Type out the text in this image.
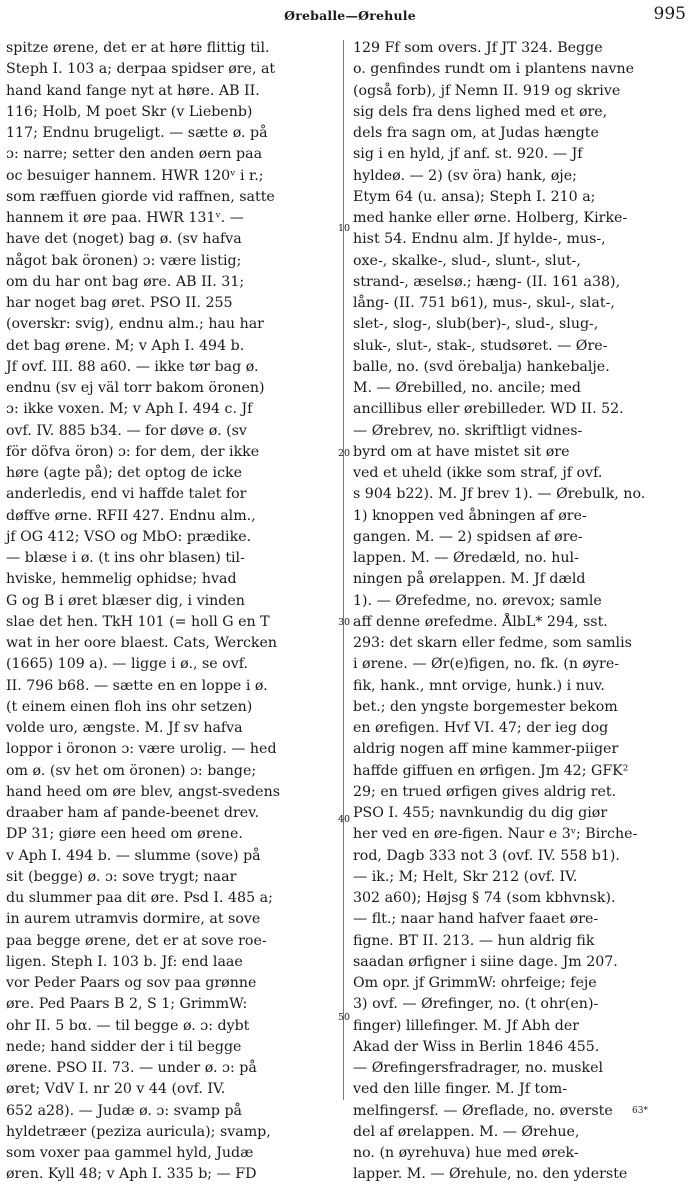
Øreballe—Ørehule	995
spitze ørene, det er at høre flittig til.
Steph I. 103 a; derpaa spidser øre, at
hand kand fange nyt at høre. AB II.
116; Holb, M poet Skr (v Liebenb)
117; Endnu brugeligt. — sætte ø. på
ɔ: narre; setter den anden øern paa
oc besuiger hannem. HWR 120ᵛ i r.;
som ræffuen giorde vid raffnen, satte
hannem it øre paa. HWR 131ᵛ. —
have det (noget) bag ø. (sv hafva
något bak öronen) ɔ: være listig;
om du har ont bag øre. AB II. 31;
har noget bag øret. PSO II. 255
(overskr: svig), endnu alm.; hau har
det bag ørene. M; v Aph I. 494 b.
Jf ovf. III. 88 a60. — ikke tør bag ø.
endnu (sv ej väl torr bakom öronen)
ɔ: ikke voxen. M; v Aph I. 494 c. Jf
ovf. IV. 885 b34. — for døve ø. (sv
för döfva öron) ɔ: for dem, der ikke
høre (agte på); det optog de icke
anderledis, end vi haffde talet for
døffve ørne. RFII 427. Endnu alm.,
jf OG 412; VSO og MbO: prædike.
— blæse i ø. (t ins ohr blasen) til-
hviske, hemmelig ophidse; hvad
G og B i øret blæser dig, i vinden
slae det hen. TkH 101 (= holl G en T
wat in her oore blaest. Cats, Wercken
(1665) 109 a). — ligge i ø., se ovf.
II. 796 b68. — sætte en en loppe i ø.
(t einem einen floh ins ohr setzen)
volde uro, ængste. M. Jf sv hafva
loppor i öronon ɔ: være urolig. — hed
om ø. (sv het om öronen) ɔ: bange;
hand heed om øre blev, angst-svedens
draaber ham af pande-beenet drev.
DP 31; giøre een heed om ørene.
v Aph I. 494 b. — slumme (sove) på
sit (begge) ø. ɔ: sove trygt; naar
du slummer paa dit øre. Psd I. 485 a;
in aurem utramvis dormire, at sove
paa begge ørene, det er at sove roe-
ligen. Steph I. 103 b. Jf: end laae
vor Peder Paars og sov paa grønne
øre. Ped Paars B 2, S 1; GrimmW:
ohr II. 5 bα. — til begge ø. ɔ: dybt
nede; hand sidder der i til begge
ørene. PSO II. 73. — under ø. ɔ: på
øret; VdV I. nr 20 v 44 (ovf. IV.
652 a28). — Judæ ø. ɔ: svamp på
hyldetræer (peziza auricula); svamp,
som voxer paa gammel hyld, Judæ
øren. Kyll 48; v Aph I. 335 b; — FD
129 Ff som overs. Jf JT 324. Begge
o. genfindes rundt om i plantens navne
(også forb), jf Nemn II. 919 og skrive
sig dels fra dens lighed med et øre,
dels fra sagn om, at Judas hængte
sig i en hyld, jf anf. st. 920. — Jf
hyldeø. — 2) (sv öra) hank, øje;
Etym 64 (u. ansa); Steph I. 210 a;
med hanke eller ørne. Holberg, Kirke-
hist 54. Endnu alm. Jf hylde-, mus-,
oxe-, skalke-, slud-, slunt-, slut-,
strand-, æselsø.; hæng- (II. 161 a38),
lång- (II. 751 b61), mus-, skul-, slat-,
slet-, slog-, slub(ber)-, slud-, slug-,
sluk-, slut-, stak-, studsøret. — Øre-
balle, no. (svd örebalja) hankebalje.
M. — Ørebilled, no. ancile; med
ancillibus eller ørebilleder. WD II. 52.
— Ørebrev, no. skriftligt vidnes-
byrd om at have mistet sit øre
ved et uheld (ikke som straf, jf ovf.
s 904 b22). M. Jf brev 1). — Ørebulk, no.
1) knoppen ved åbningen af øre-
gangen. M. — 2) spidsen af øre-
lappen. M. — Øredæld, no. hul-
ningen på ørelappen. M. Jf dæld
1). — Ørefedme, no. ørevox; samle
aff denne ørefedme. ÅlbL* 294, sst.
293: det skarn eller fedme, som samlis
i ørene. — Ør(e)figen, no. fk. (n øyre-
fik, hank., mnt orvige, hunk.) i nuv.
bet.; den yngste borgemester bekom
en ørefigen. Hvf VI. 47; der ieg dog
aldrig nogen aff mine kammer-piiger
haffde giffuen en ørfigen. Jm 42; GFK²
29; en trued ørfigen gives aldrig ret.
PSO I. 455; navnkundig du dig giør
her ved en øre-figen. Naur e 3ᵛ; Birche-
rod, Dagb 333 not 3 (ovf. IV. 558 b1).
— ik.; M; Helt, Skr 212 (ovf. IV.
302 a60); Højsg § 74 (som kbhvnsk).
— flt.; naar hand hafver faaet øre-
figne. BT II. 213. — hun aldrig fik
saadan ørfigner i siine dage. Jm 207.
Om opr. jf GrimmW: ohrfeige; feje
3) ovf. — Ørefinger, no. (t ohr(en)-
finger) lillefinger. M. Jf Abh der
Akad der Wiss in Berlin 1846 455.
— Ørefingersfradrager, no. muskel
ved den lille finger. M. Jf tom-
melfingersf. — Øreflade, no. øverste
del af ørelappen. M. — Ørehue,
no. (n øyrehuva) hue med ørek-
lapper. M. — Ørehule, no. den yderste
10
20
30
40
50
63*
